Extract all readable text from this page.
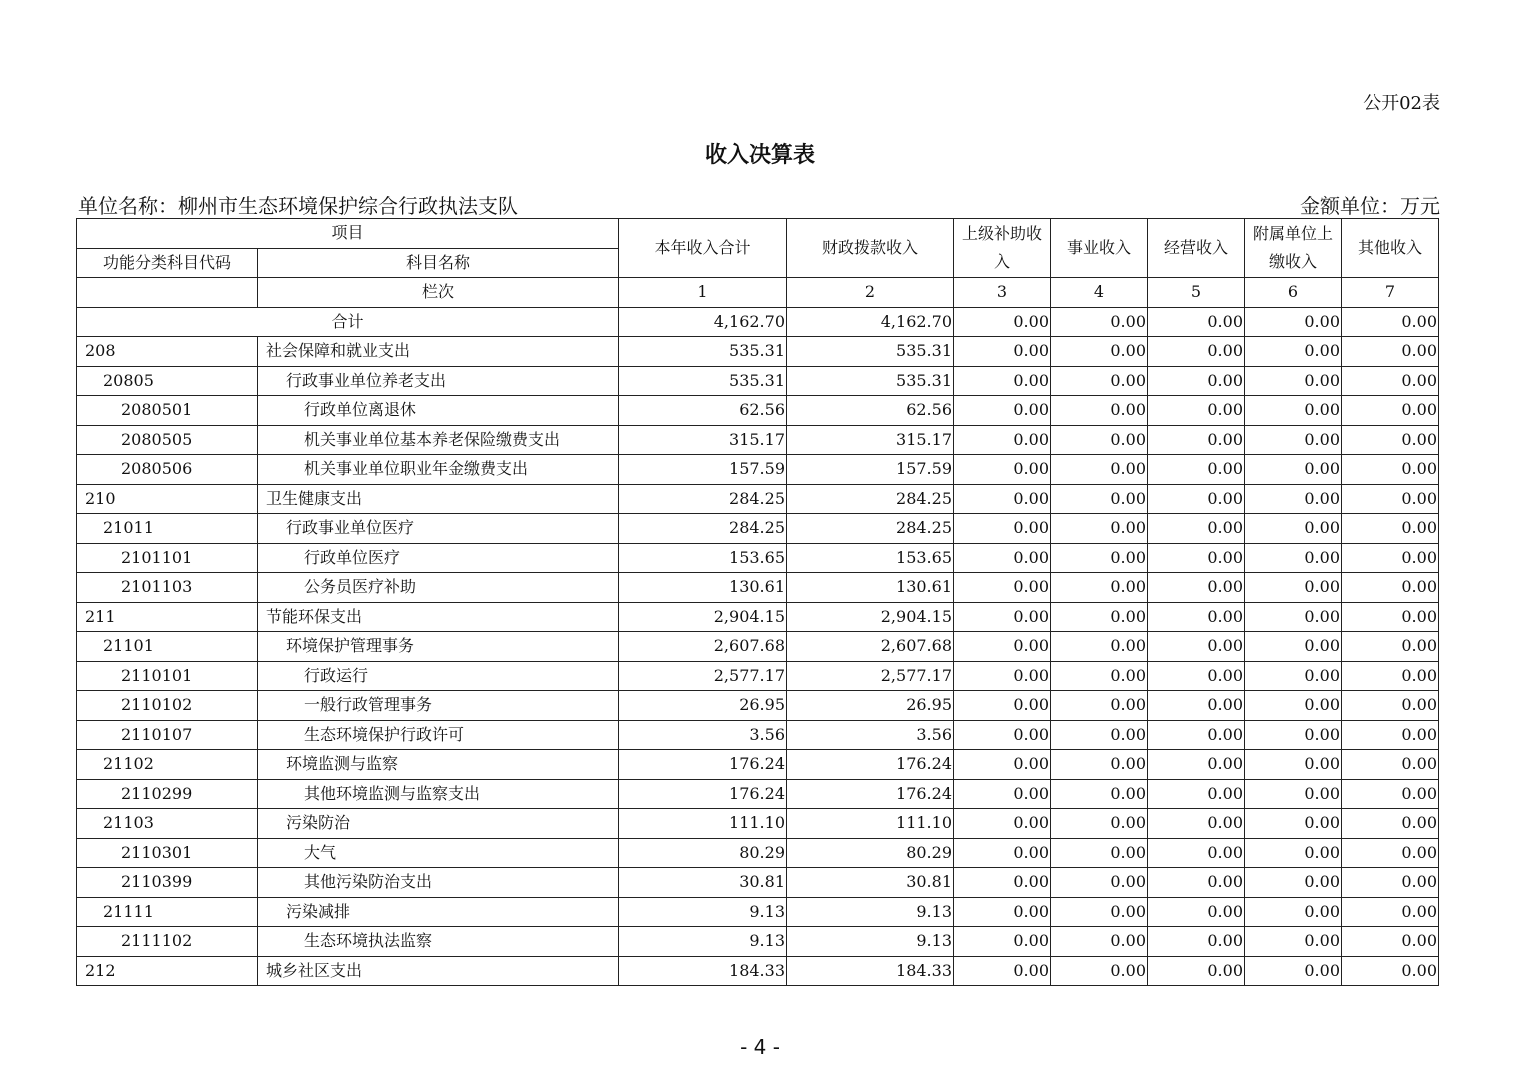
公开02表
收入决算表
单位名称：柳州市生态环境保护综合行政执法支队	金额单位：万元
项目		本年收入合计	财政拨款收入	上级补助收入	事业收入	经营收入	附属单位上缴收入	其他收入
功能分类科目代码	科目名称							
	栏次	1	2	3	4	5	6	7
合计		4,162.70	4,162.70	0.00	0.00	0.00	0.00	0.00
208	社会保障和就业支出	535.31	535.31	0.00	0.00	0.00	0.00	0.00
20805	行政事业单位养老支出	535.31	535.31	0.00	0.00	0.00	0.00	0.00
2080501	行政单位离退休	62.56	62.56	0.00	0.00	0.00	0.00	0.00
2080505	机关事业单位基本养老保险缴费支出	315.17	315.17	0.00	0.00	0.00	0.00	0.00
2080506	机关事业单位职业年金缴费支出	157.59	157.59	0.00	0.00	0.00	0.00	0.00
210	卫生健康支出	284.25	284.25	0.00	0.00	0.00	0.00	0.00
21011	行政事业单位医疗	284.25	284.25	0.00	0.00	0.00	0.00	0.00
2101101	行政单位医疗	153.65	153.65	0.00	0.00	0.00	0.00	0.00
2101103	公务员医疗补助	130.61	130.61	0.00	0.00	0.00	0.00	0.00
211	节能环保支出	2,904.15	2,904.15	0.00	0.00	0.00	0.00	0.00
21101	环境保护管理事务	2,607.68	2,607.68	0.00	0.00	0.00	0.00	0.00
2110101	行政运行	2,577.17	2,577.17	0.00	0.00	0.00	0.00	0.00
2110102	一般行政管理事务	26.95	26.95	0.00	0.00	0.00	0.00	0.00
2110107	生态环境保护行政许可	3.56	3.56	0.00	0.00	0.00	0.00	0.00
21102	环境监测与监察	176.24	176.24	0.00	0.00	0.00	0.00	0.00
2110299	其他环境监测与监察支出	176.24	176.24	0.00	0.00	0.00	0.00	0.00
21103	污染防治	111.10	111.10	0.00	0.00	0.00	0.00	0.00
2110301	大气	80.29	80.29	0.00	0.00	0.00	0.00	0.00
2110399	其他污染防治支出	30.81	30.81	0.00	0.00	0.00	0.00	0.00
21111	污染减排	9.13	9.13	0.00	0.00	0.00	0.00	0.00
2111102	生态环境执法监察	9.13	9.13	0.00	0.00	0.00	0.00	0.00
212	城乡社区支出	184.33	184.33	0.00	0.00	0.00	0.00	0.00
- 4 -
